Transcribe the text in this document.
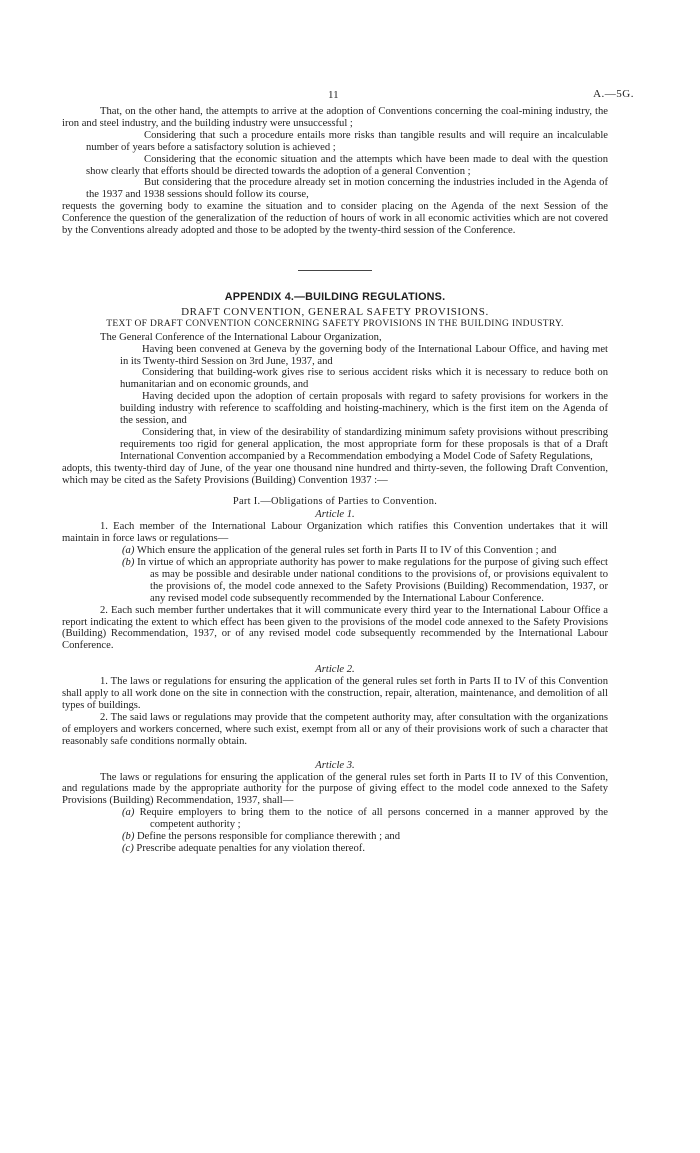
11	A.—5G.

That, on the other hand, the attempts to arrive at the adoption of Conventions concerning the coal-mining industry, the iron and steel industry, and the building industry were unsuccessful ;

Considering that such a procedure entails more risks than tangible results and will require an incalculable number of years before a satisfactory solution is achieved ;

Considering that the economic situation and the attempts which have been made to deal with the question show clearly that efforts should be directed towards the adoption of a general Convention ;

But considering that the procedure already set in motion concerning the industries included in the Agenda of the 1937 and 1938 sessions should follow its course,

requests the governing body to examine the situation and to consider placing on the Agenda of the next Session of the Conference the question of the generalization of the reduction of hours of work in all economic activities which are not covered by the Conventions already adopted and those to be adopted by the twenty-third session of the Conference.

APPENDIX 4.—BUILDING REGULATIONS.
DRAFT CONVENTION, GENERAL SAFETY PROVISIONS.
TEXT OF DRAFT CONVENTION CONCERNING SAFETY PROVISIONS IN THE BUILDING INDUSTRY.

The General Conference of the International Labour Organization,

Having been convened at Geneva by the governing body of the International Labour Office, and having met in its Twenty-third Session on 3rd June, 1937, and

Considering that building-work gives rise to serious accident risks which it is necessary to reduce both on humanitarian and on economic grounds, and

Having decided upon the adoption of certain proposals with regard to safety provisions for workers in the building industry with reference to scaffolding and hoisting-machinery, which is the first item on the Agenda of the session, and

Considering that, in view of the desirability of standardizing minimum safety provisions without prescribing requirements too rigid for general application, the most appropriate form for these proposals is that of a Draft International Convention accompanied by a Recommendation embodying a Model Code of Safety Regulations,

adopts, this twenty-third day of June, of the year one thousand nine hundred and thirty-seven, the following Draft Convention, which may be cited as the Safety Provisions (Building) Convention 1937 :—

Part I.—Obligations of Parties to Convention.
Article 1.

1. Each member of the International Labour Organization which ratifies this Convention undertakes that it will maintain in force laws or regulations—

(a) Which ensure the application of the general rules set forth in Parts II to IV of this Convention ; and

(b) In virtue of which an appropriate authority has power to make regulations for the purpose of giving such effect as may be possible and desirable under national conditions to the provisions of, or provisions equivalent to the provisions of, the model code annexed to the Safety Provisions (Building) Recommendation, 1937, or any revised model code subsequently recommended by the International Labour Conference.

2. Each such member further undertakes that it will communicate every third year to the International Labour Office a report indicating the extent to which effect has been given to the provisions of the model code annexed to the Safety Provisions (Building) Recommendation, 1937, or of any revised model code subsequently recommended by the International Labour Conference.

Article 2.

1. The laws or regulations for ensuring the application of the general rules set forth in Parts II to IV of this Convention shall apply to all work done on the site in connection with the construction, repair, alteration, maintenance, and demolition of all types of buildings.

2. The said laws or regulations may provide that the competent authority may, after consultation with the organizations of employers and workers concerned, where such exist, exempt from all or any of their provisions work of such a character that reasonably safe conditions normally obtain.

Article 3.

The laws or regulations for ensuring the application of the general rules set forth in Parts II to IV of this Convention, and regulations made by the appropriate authority for the purpose of giving effect to the model code annexed to the Safety Provisions (Building) Recommendation, 1937, shall—

(a) Require employers to bring them to the notice of all persons concerned in a manner approved by the competent authority ;

(b) Define the persons responsible for compliance therewith ; and

(c) Prescribe adequate penalties for any violation thereof.
